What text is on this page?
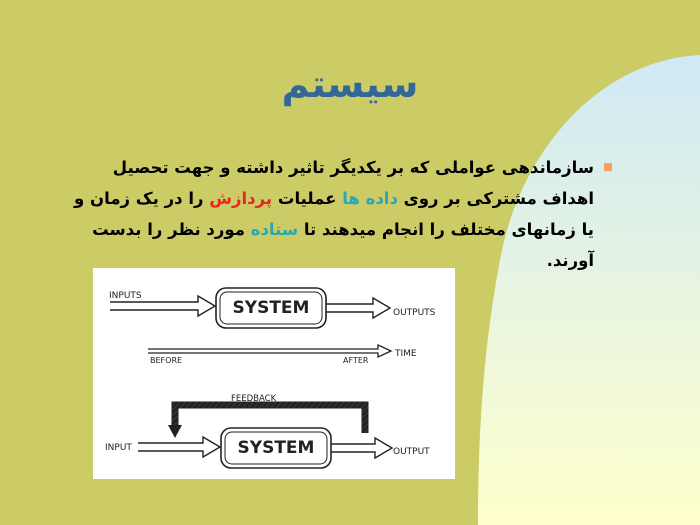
سیستم
سازماندهی عواملی که بر یکدیگر تاثیر داشته و جهت تحصیل اهداف مشترکی بر روی داده ها عملیات پردازش را در یک زمان و یا زمانهای مختلف را انجام میدهند تا ستاده مورد نظر را بدست آورند.
INPUTS
SYSTEM	OUTPUTS
BEFORE	AFTER
TIME
FEEDBACK
INPUT	SYSTEM	OUTPUT
